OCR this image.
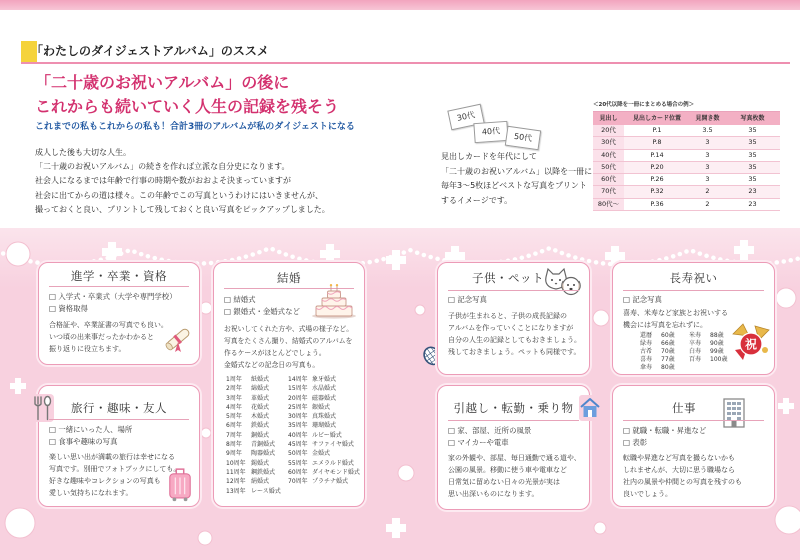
「わたしのダイジェストアルバム」のススメ
「二十歳のお祝いアルバム」の後に
これからも続いていく人生の記録を残そう
これまでの私もこれからの私も！合計3冊のアルバムが私のダイジェストになる
成人した後も大切な人生。
「二十歳のお祝いアルバム」の続きを作れば立派な自分史になります。
社会人になるまでは年齢で行事の時期や数がおおよそ決まっていますが
社会に出てからの道は様々。この年齢でこの写真というわけにはいきませんが、
撮っておくと良い、プリントして残しておくと良い写真をピックアップしました。
30代
40代
50代
見出しカードを年代にして
「二十歳のお祝いアルバム」以降を一冊に
毎年3〜5枚ほどベストな写真をプリント
するイメージです。
＜20代以降を一冊にまとめる場合の例＞
見出し	見出しカード位置	見開き数	写真枚数
20代	P.1	3.5	35
30代	P.8	3	35
40代	P.14	3	35
50代	P.20	3	35
60代	P.26	3	35
70代	P.32	2	23
80代〜	P.36	2	23
進学・卒業・資格
□ 入学式・卒業式（大学や専門学校）
□ 資格取得
合格証や、卒業証書の写真でも良い。
いつ頃の出来事だったかわかると
振り返りに役立ちます。
旅行・趣味・友人
□ 一緒にいった人、場所
□ 食事や趣味の写真
楽しい思い出が満載の旅行は幸せになる
写真です。別冊でフォトブックにしても。
好きな趣味やコレクションの写真も
愛しい気持ちになれます。
結婚
□ 結婚式
□ 銀婚式・金婚式など
お祝いしてくれた方や、式場の様子など。
写真をたくさん撮り、結婚式のアルバムを
作るケースがほとんどでしょう。
金婚式などの記念日の写真も。
1周年	紙婚式
2周年	綿婚式
3周年	革婚式
4周年	花婚式
5周年	木婚式
6周年	鉄婚式
7周年	銅婚式
8周年	青銅婚式
9周年	陶器婚式
10周年 錫婚式
11周年 鋼鉄婚式
12周年 絹婚式
13周年 レース婚式
14周年 象牙婚式
15周年 水晶婚式
20周年 磁器婚式
25周年 銀婚式
30周年 真珠婚式
35周年 珊瑚婚式
40周年 ルビー婚式
45周年 サファイヤ婚式
50周年 金婚式
55周年 エメラルド婚式
60周年 ダイヤモンド婚式
70周年 プラチナ婚式
子供・ペット
□ 記念写真
子供が生まれると、子供の成長記録の
アルバムを作っていくことになりますが
自分の人生の記録としてもおきましょう。
残しておきましょう。ペットも同様です。
引越し・転勤・乗り物
□ 家、部屋、近所の風景
□ マイカーや電車
家の外観や、部屋、毎日通勤で通る道や、
公園の風景。移動に使う車や電車など
日常気に留めない日々の光景が実は
思い出深いものになります。
長寿祝い
□ 記念写真
喜寿、米寿など家族とお祝いする
機会には写真を忘れずに。
還暦	60歳
緑寿	66歳
古希	70歳
喜寿	77歳
傘寿	80歳
米寿	88歳
卒寿	90歳
白寿	99歳
百寿	100歳
祝
仕事
□ 就職・転職・昇進など
□ 表彰
転職や昇進など写真を撮らないかも
しれませんが、大切に思う職場なら
社内の風景や仲間との写真を残すのも
良いでしょう。
